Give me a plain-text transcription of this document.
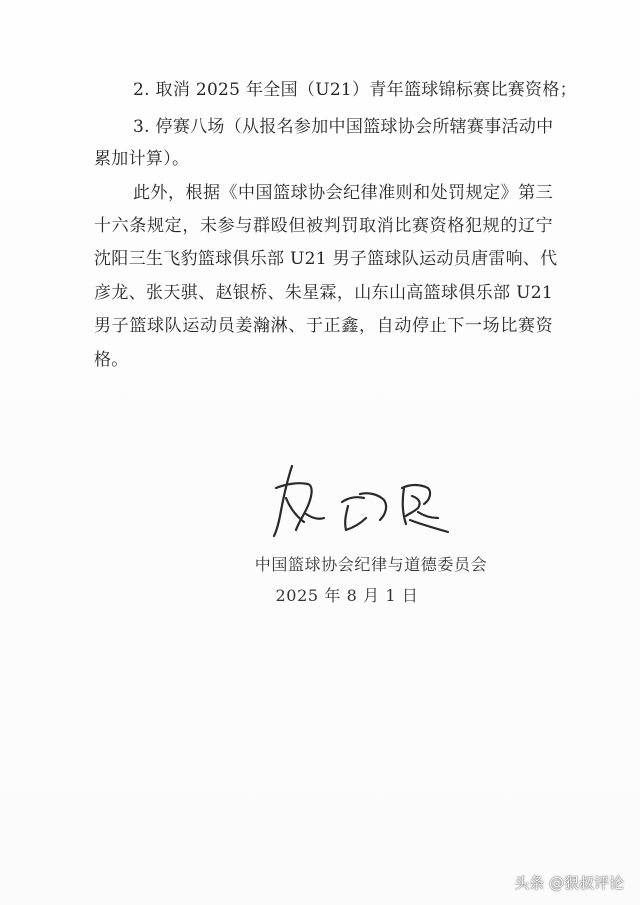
2. 取消 2025 年全国（U21）青年篮球锦标赛比赛资格；
3. 停赛八场（从报名参加中国篮球协会所辖赛事活动中
累加计算）。
此外，根据《中国篮球协会纪律准则和处罚规定》第三
十六条规定，未参与群殴但被判罚取消比赛资格犯规的辽宁
沈阳三生飞豹篮球俱乐部 U21 男子篮球队运动员唐雷响、代
彦龙、张天骐、赵银桥、朱星霖，山东山高篮球俱乐部 U21
男子篮球队运动员姜瀚淋、于正鑫，自动停止下一场比赛资
格。
中国篮球协会纪律与道德委员会
2025 年 8 月 1 日
头条 @狠叔评论
